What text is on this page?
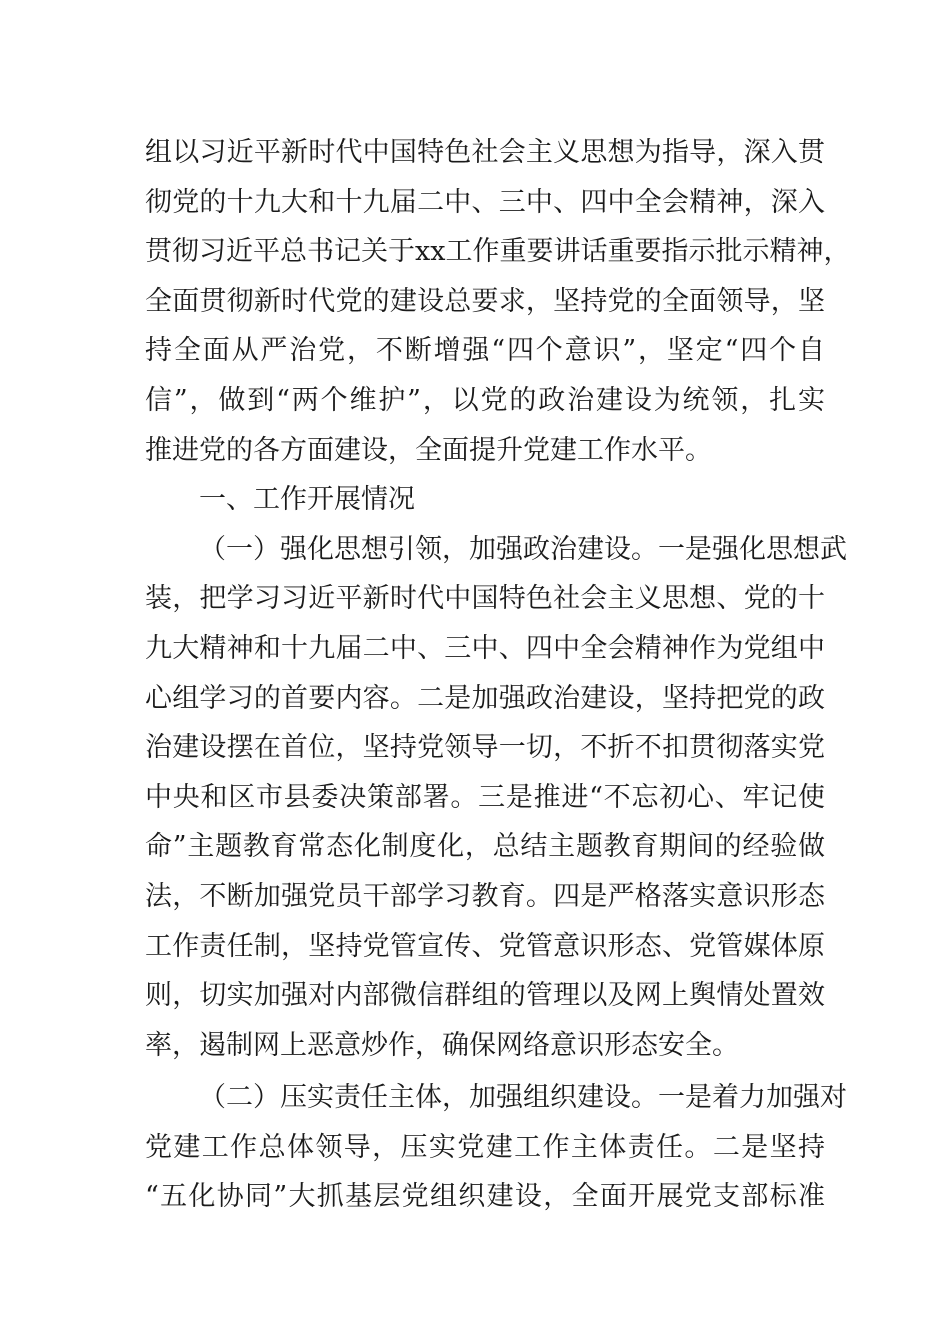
组以习近平新时代中国特色社会主义思想为指导，深入贯
彻党的十九大和十九届二中、三中、四中全会精神，深入
贯彻习近平总书记关于xx工作重要讲话重要指示批示精神，
全面贯彻新时代党的建设总要求，坚持党的全面领导，坚
持全面从严治党，不断增强“四个意识”，坚定“四个自
信”，做到“两个维护”，以党的政治建设为统领，扎实
推进党的各方面建设，全面提升党建工作水平。
一、工作开展情况
（一）强化思想引领，加强政治建设。一是强化思想武
装，把学习习近平新时代中国特色社会主义思想、党的十
九大精神和十九届二中、三中、四中全会精神作为党组中
心组学习的首要内容。二是加强政治建设，坚持把党的政
治建设摆在首位，坚持党领导一切，不折不扣贯彻落实党
中央和区市县委决策部署。三是推进“不忘初心、牢记使
命”主题教育常态化制度化，总结主题教育期间的经验做
法，不断加强党员干部学习教育。四是严格落实意识形态
工作责任制，坚持党管宣传、党管意识形态、党管媒体原
则，切实加强对内部微信群组的管理以及网上舆情处置效
率，遏制网上恶意炒作，确保网络意识形态安全。
（二）压实责任主体，加强组织建设。一是着力加强对
党建工作总体领导，压实党建工作主体责任。二是坚持
“五化协同”大抓基层党组织建设，全面开展党支部标准
